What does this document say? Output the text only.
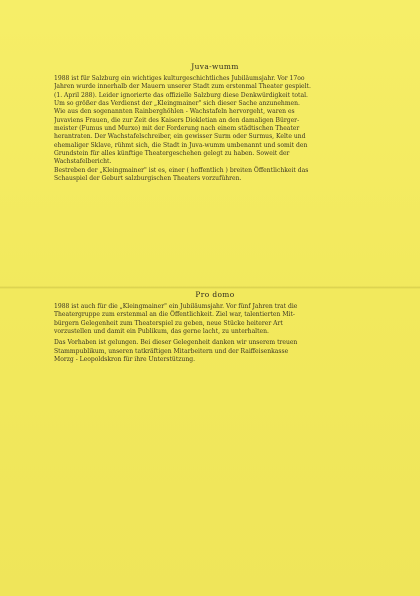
Juva-wumm
1988 ist für Salzburg ein wichtiges kulturgeschichtliches Jubiläumsjahr. Vor 17oo
Jahren wurde innerhalb der Mauern unserer Stadt zum erstenmal Theater gespielt.
(1. April 288). Leider ignorierte das offizielle Salzburg diese Denkwürdigkeit total.
Um so größer das Verdienst der „Kleingmainer" sich dieser Sache anzunehmen.
Wie aus den sogenannten Rainberghöhlen - Wachstafeln hervorgeht, waren es
Juvaviens Frauen, die zur Zeit des Kaisers Diokletian an den damaligen Bürger-
meister (Fumus und Murxo) mit der Forderung nach einem städtischen Theater
herantraten. Der Wachstafelschreiber, ein gewisser Surm oder Surmus, Kelte und
ehemaliger Sklave, rühmt sich, die Stadt in Juva-wumm umbenannt und somit den
Grundstein für alles künftige Theatergeschehen gelegt zu haben. Soweit der
Wachstafelbericht.
Bestreben der „Kleingmainer" ist es, einer ( hoffentlich ) breiten Öffentlichkeit das
Schauspiel der Geburt salzburgischen Theaters vorzuführen.
Pro domo
1988 ist auch für die „Kleingmainer" ein Jubiläumsjahr. Vor fünf Jahren trat die
Theatergruppe zum erstenmal an die Öffentlichkeit. Ziel war, talentierten Mit-
bürgern Gelegenheit zum Theaterspiel zu geben, neue Stücke heiterer Art
vorzustellen und damit ein Publikum, das gerne lacht, zu unterhalten.
Das Vorhaben ist gelungen. Bei dieser Gelegenheit danken wir unserem treuen
Stammpublikum, unseren tatkräftigen Mitarbeitern und der Raiffeisenkasse
Morzg - Leopoldskron für ihre Unterstützung.
